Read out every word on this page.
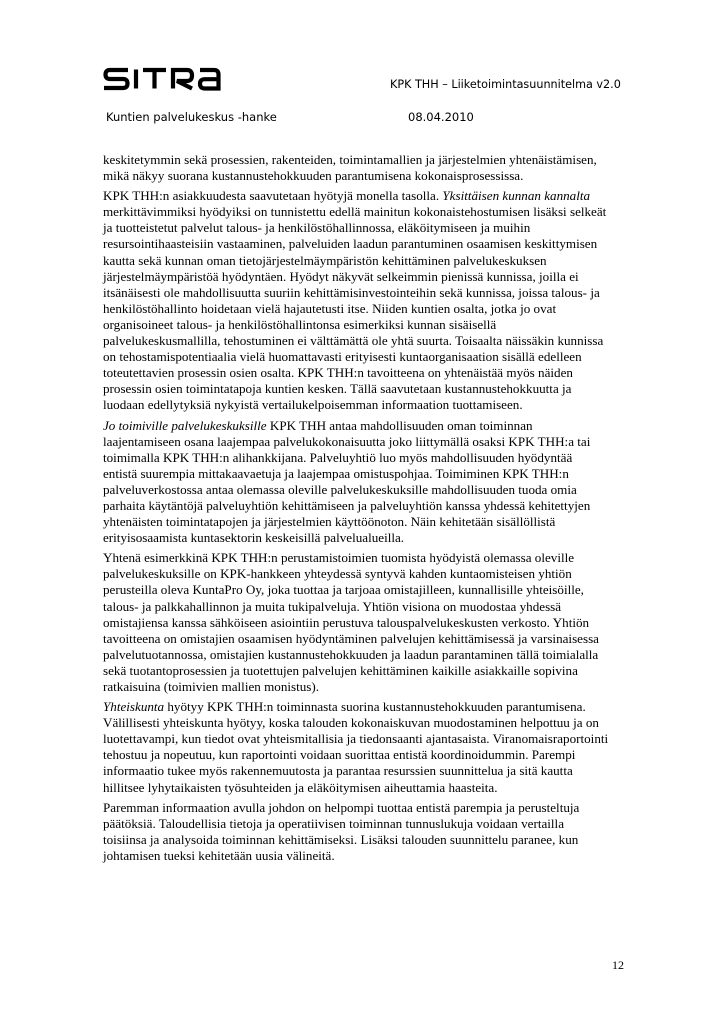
KPK THH – Liiketoimintasuunnitelma v2.0
Kuntien palvelukeskus -hanke	08.04.2010

keskitetymmin sekä prosessien, rakenteiden, toimintamallien ja järjestelmien yhtenäistämisen,
mikä näkyy suorana kustannustehokkuuden parantumisena kokonaisprosessissa.

KPK THH:n asiakkuudesta saavutetaan hyötyjä monella tasolla. Yksittäisen kunnan kannalta
merkittävimmiksi hyödyiksi on tunnistettu edellä mainitun kokonaistehostumisen lisäksi selkeät
ja tuotteistetut palvelut talous- ja henkilöstöhallinnossa, eläköitymiseen ja muihin
resursointihaasteisiin vastaaminen, palveluiden laadun parantuminen osaamisen keskittymisen
kautta sekä kunnan oman tietojärjestelmäympäristön kehittäminen palvelukeskuksen
järjestelmäympäristöä hyödyntäen. Hyödyt näkyvät selkeimmin pienissä kunnissa, joilla ei
itsänäisesti ole mahdollisuutta suuriin kehittämisinvestointeihin sekä kunnissa, joissa talous- ja
henkilöstöhallinto hoidetaan vielä hajautetusti itse. Niiden kuntien osalta, jotka jo ovat
organisoineet talous- ja henkilöstöhallintonsa esimerkiksi kunnan sisäisellä
palvelukeskusmallilla, tehostuminen ei välttämättä ole yhtä suurta. Toisaalta näissäkin kunnissa
on tehostamispotentiaalia vielä huomattavasti erityisesti kuntaorganisaation sisällä edelleen
toteutettavien prosessin osien osalta. KPK THH:n tavoitteena on yhtenäistää myös näiden
prosessin osien toimintatapoja kuntien kesken. Tällä saavutetaan kustannustehokkuutta ja
luodaan edellytyksiä nykyistä vertailukelpoisemman informaation tuottamiseen.

Jo toimiville palvelukeskuksille KPK THH antaa mahdollisuuden oman toiminnan
laajentamiseen osana laajempaa palvelukokonaisuutta joko liittymällä osaksi KPK THH:a tai
toimimalla KPK THH:n alihankkijana. Palveluyhtiö luo myös mahdollisuuden hyödyntää
entistä suurempia mittakaavaetuja ja laajempaa omistuspohjaa. Toimiminen KPK THH:n
palveluverkostossa antaa olemassa oleville palvelukeskuksille mahdollisuuden tuoda omia
parhaita käytäntöjä palveluyhtiön kehittämiseen ja palveluyhtiön kanssa yhdessä kehitettyjen
yhtenäisten toimintatapojen ja järjestelmien käyttöönoton. Näin kehitetään sisällöllistä
erityisosaamista kuntasektorin keskeisillä palvelualueilla.

Yhtenä esimerkkinä KPK THH:n perustamistoimien tuomista hyödyistä olemassa oleville
palvelukeskuksille on KPK-hankkeen yhteydessä syntyvä kahden kuntaomisteisen yhtiön
perusteilla oleva KuntaPro Oy, joka tuottaa ja tarjoaa omistajilleen, kunnallisille yhteisöille,
talous- ja palkkahallinnon ja muita tukipalveluja. Yhtiön visiona on muodostaa yhdessä
omistajiensa kanssa sähköiseen asiointiin perustuva talouspalvelukeskusten verkosto. Yhtiön
tavoitteena on omistajien osaamisen hyödyntäminen palvelujen kehittämisessä ja varsinaisessa
palvelutuotannossa, omistajien kustannustehokkuuden ja laadun parantaminen tällä toimialalla
sekä tuotantoprosessien ja tuotettujen palvelujen kehittäminen kaikille asiakkaille sopivina
ratkaisuina (toimivien mallien monistus).

Yhteiskunta hyötyy KPK THH:n toiminnasta suorina kustannustehokkuuden parantumisena.
Välillisesti yhteiskunta hyötyy, koska talouden kokonaiskuvan muodostaminen helpottuu ja on
luotettavampi, kun tiedot ovat yhteismitallisia ja tiedonsaanti ajantasaista. Viranomaisraportointi
tehostuu ja nopeutuu, kun raportointi voidaan suorittaa entistä koordinoidummin. Parempi
informaatio tukee myös rakennemuutosta ja parantaa resurssien suunnittelua ja sitä kautta
hillitsee lyhytaikaisten työsuhteiden ja eläköitymisen aiheuttamia haasteita.

Paremman informaation avulla johdon on helpompi tuottaa entistä parempia ja perusteltuja
päätöksiä. Taloudellisia tietoja ja operatiivisen toiminnan tunnuslukuja voidaan vertailla
toisiinsa ja analysoida toiminnan kehittämiseksi. Lisäksi talouden suunnittelu paranee, kun
johtamisen tueksi kehitetään uusia välineitä.

12
